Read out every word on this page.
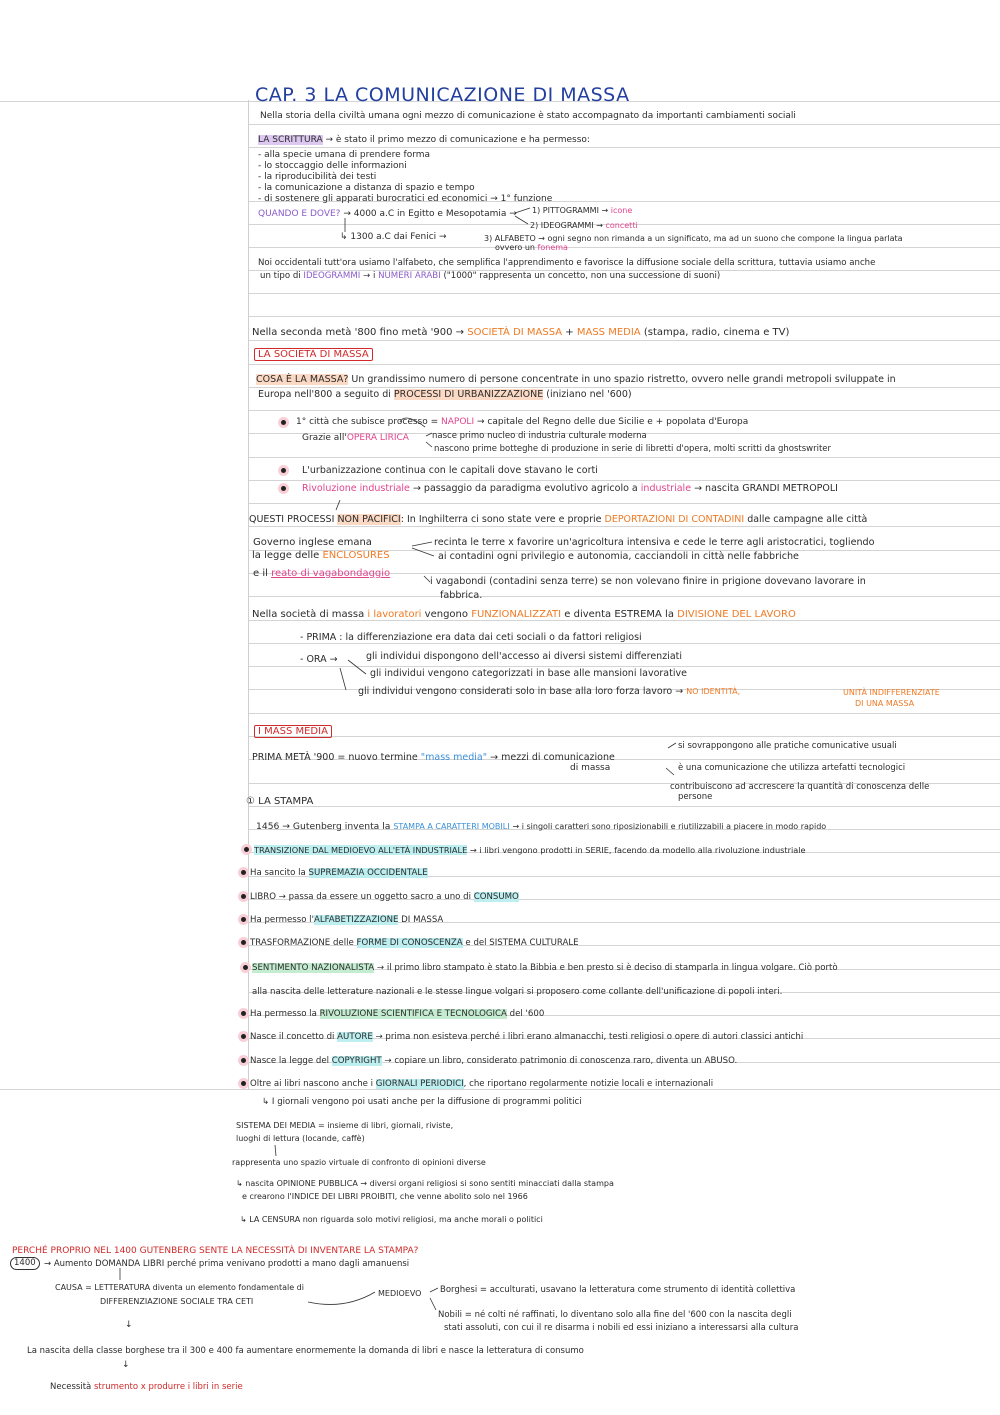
CAP. 3 LA COMUNICAZIONE DI MASSA
Nella storia della civiltà umana ogni mezzo di comunicazione è stato accompagnato da importanti cambiamenti sociali
LA SCRITTURA → è stato il primo mezzo di comunicazione e ha permesso:
- alla specie umana di prendere forma
- lo stoccaggio delle informazioni
- la riproducibilità dei testi
- la comunicazione a distanza di spazio e tempo
- di sostenere gli apparati burocratici ed economici → 1° funzione
QUANDO E DOVE? → 4000 a.C in Egitto e Mesopotamia → 1) PITTOGRAMMI → icone
2) IDEOGRAMMI → concetti
↳ 1300 a.C dai Fenici →	3) ALFABETO → ogni segno non rimanda a un significato, ma ad un suono che compone la lingua parlata
ovvero un fonema
Noi occidentali tutt'ora usiamo l'alfabeto, che semplifica l'apprendimento e favorisce la diffusione sociale della scrittura, tuttavia usiamo anche
un tipo di IDEOGRAMMI → i NUMERI ARABI ("1000" rappresenta un concetto, non una successione di suoni)
Nella seconda metà '800 fino metà '900 → SOCIETÀ DI MASSA + MASS MEDIA (stampa, radio, cinema e TV)
LA SOCIETÀ DI MASSA
COSA È LA MASSA? Un grandissimo numero di persone concentrate in uno spazio ristretto, ovvero nelle grandi metropoli sviluppate in
Europa nell'800 a seguito di PROCESSI DI URBANIZZAZIONE (iniziano nel '600)
1° città che subisce processo = NAPOLI → capitale del Regno delle due Sicilie e + popolata d'Europa
Grazie all'OPERA LIRICA	nasce primo nucleo di industria culturale moderna
nascono prime botteghe di produzione in serie di libretti d'opera, molti scritti da ghostswriter
L'urbanizzazione continua con le capitali dove stavano le corti
Rivoluzione industriale → passaggio da paradigma evolutivo agricolo a industriale → nascita GRANDI METROPOLI
QUESTI PROCESSI NON PACIFICI: In Inghilterra ci sono state vere e proprie DEPORTAZIONI DI CONTADINI dalle campagne alle città
Governo inglese emana
la legge delle ENCLOSURES
recinta le terre x favorire un'agricoltura intensiva e cede le terre agli aristocratici, togliendo
ai contadini ogni privilegio e autonomia, cacciandoli in città nelle fabbriche
e il reato di vagabondaggio
i vagabondi (contadini senza terre) se non volevano finire in prigione dovevano lavorare in
fabbrica.
Nella società di massa i lavoratori vengono FUNZIONALIZZATI e diventa ESTREMA la DIVISIONE DEL LAVORO
- PRIMA : la differenziazione era data dai ceti sociali o da fattori religiosi
- ORA →	gli individui dispongono dell'accesso ai diversi sistemi differenziati
gli individui vengono categorizzati in base alle mansioni lavorative
gli individui vengono considerati solo in base alla loro forza lavoro → NO IDENTITÀ,	UNITÀ INDIFFERENZIATE
DI UNA MASSA
I MASS MEDIA
PRIMA METÀ '900 = nuovo termine "mass media" → mezzi di comunicazione
di massa
si sovrappongono alle pratiche comunicative usuali
è una comunicazione che utilizza artefatti tecnologici
contribuiscono ad accrescere la quantità di conoscenza delle
persone
① LA STAMPA
1456 → Gutenberg inventa la STAMPA A CARATTERI MOBILI → i singoli caratteri sono riposizionabili e riutilizzabili a piacere in modo rapido
TRANSIZIONE DAL MEDIOEVO ALL'ETÀ INDUSTRIALE → i libri vengono prodotti in SERIE, facendo da modello alla rivoluzione industriale
Ha sancito la SUPREMAZIA OCCIDENTALE
LIBRO → passa da essere un oggetto sacro a uno di CONSUMO
Ha permesso l'ALFABETIZZAZIONE DI MASSA
TRASFORMAZIONE delle FORME DI CONOSCENZA e del SISTEMA CULTURALE
SENTIMENTO NAZIONALISTA → il primo libro stampato è stato la Bibbia e ben presto si è deciso di stamparla in lingua volgare. Ciò portò
alla nascita delle letterature nazionali e le stesse lingue volgari si proposero come collante dell'unificazione di popoli interi.
Ha permesso la RIVOLUZIONE SCIENTIFICA E TECNOLOGICA del '600
Nasce il concetto di AUTORE → prima non esisteva perché i libri erano almanacchi, testi religiosi o opere di autori classici antichi
Nasce la legge del COPYRIGHT → copiare un libro, considerato patrimonio di conoscenza raro, diventa un ABUSO.
Oltre ai libri nascono anche i GIORNALI PERIODICI, che riportano regolarmente notizie locali e internazionali
↳ I giornali vengono poi usati anche per la diffusione di programmi politici
SISTEMA DEI MEDIA = insieme di libri, giornali, riviste,
luoghi di lettura (locande, caffè)
rappresenta uno spazio virtuale di confronto di opinioni diverse
↳ nascita OPINIONE PUBBLICA → diversi organi religiosi si sono sentiti minacciati dalla stampa
e crearono l'INDICE DEI LIBRI PROIBITI, che venne abolito solo nel 1966
↳ LA CENSURA non riguarda solo motivi religiosi, ma anche morali o politici
PERCHÉ PROPRIO NEL 1400 GUTENBERG SENTE LA NECESSITÀ DI INVENTARE LA STAMPA?
1400 → Aumento DOMANDA LIBRI perché prima venivano prodotti a mano dagli amanuensi
CAUSA = LETTERATURA diventa un elemento fondamentale di
DIFFERENZIAZIONE SOCIALE TRA CETI
MEDIOEVO Borghesi = acculturati, usavano la letteratura come strumento di identità collettiva
Nobili = né colti né raffinati, lo diventano solo alla fine del '600 con la nascita degli
stati assoluti, con cui il re disarma i nobili ed essi iniziano a interessarsi alla cultura
↓
La nascita della classe borghese tra il 300 e 400 fa aumentare enormemente la domanda di libri e nasce la letteratura di consumo
↓
Necessità strumento x produrre i libri in serie
